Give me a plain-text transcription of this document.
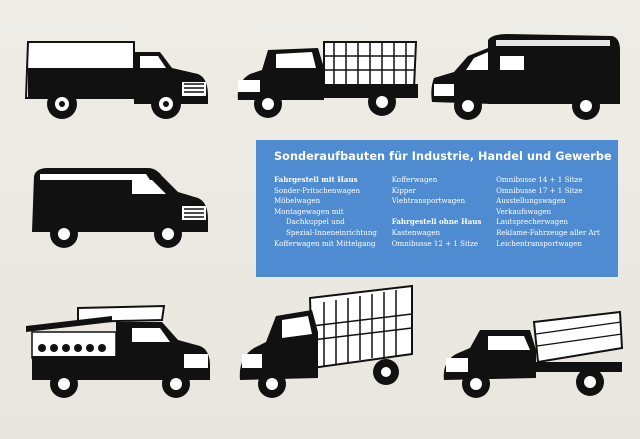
Sonderaufbauten für Industrie, Handel und Gewerbe
Fahrgestell mit Haus
Sonder-Pritschenwagen
Möbelwagen
Montagewagen mit
Dachkuppel und
Spezial-Inneneinrichtung
Kofferwagen mit Mittelgang
Kofferwagen
Kipper
Viehtransportwagen
Fahrgestell ohne Haus
Kastenwagen
Omnibusse 12 + 1 Sitze
Omnibusse 14 + 1 Sitze
Omnibusse 17 + 1 Sitze
Ausstellungswagen
Verkaufswagen
Lautsprecherwagen
Reklame-Fahrzeuge aller Art
Leichentransportwagen
